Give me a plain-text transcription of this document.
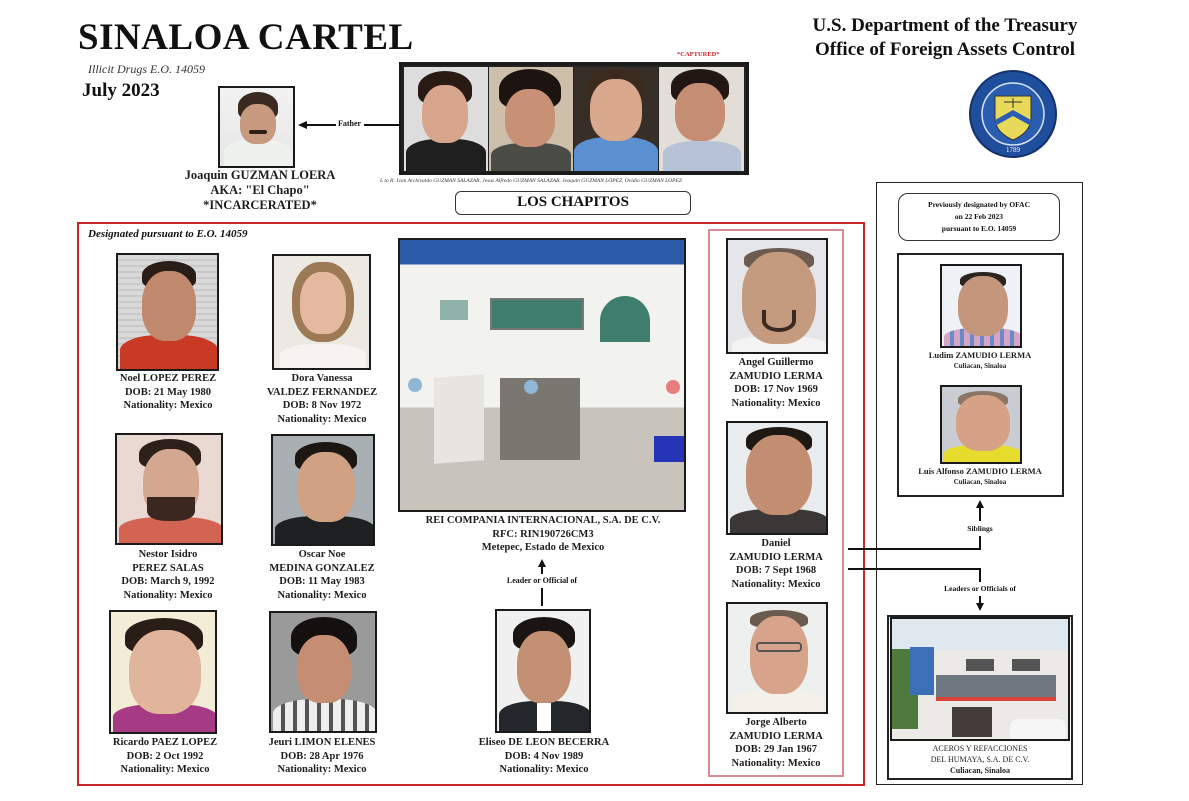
SINALOA CARTEL
Illicit Drugs E.O. 14059
July 2023
U.S. Department of the Treasury
Office of Foreign Assets Control
1789
Joaquin GUZMAN LOERA
AKA: "El Chapo"
*INCARCERATED*
Father
*CAPTURED*
L to R: Ivan Archivaldo GUZMAN SALAZAR, Jesus Alfredo GUZMAN SALAZAR, Joaquin GUZMAN LOPEZ, Ovidio GUZMAN LOPEZ
LOS CHAPITOS
Designated pursuant to E.O. 14059
Noel LOPEZ PEREZ
DOB: 21 May 1980
Nationality: Mexico
Dora Vanessa
VALDEZ FERNANDEZ
DOB: 8 Nov 1972
Nationality: Mexico
Nestor Isidro
PEREZ SALAS
DOB: March 9, 1992
Nationality: Mexico
Oscar Noe
MEDINA GONZALEZ
DOB: 11 May 1983
Nationality: Mexico
Ricardo PAEZ LOPEZ
DOB: 2 Oct 1992
Nationality: Mexico
Jeuri LIMON ELENES
DOB: 28 Apr 1976
Nationality: Mexico
REI COMPANIA INTERNACIONAL, S.A. DE C.V.
RFC: RIN190726CM3
Metepec, Estado de Mexico
Leader or Official of
Eliseo DE LEON BECERRA
DOB: 4 Nov 1989
Nationality: Mexico
Angel Guillermo
ZAMUDIO LERMA
DOB: 17 Nov 1969
Nationality: Mexico
Daniel
ZAMUDIO LERMA
DOB: 7 Sept 1968
Nationality: Mexico
Jorge Alberto
ZAMUDIO LERMA
DOB: 29 Jan 1967
Nationality: Mexico
Previously designated by OFAC
on 22 Feb 2023
pursuant to E.O. 14059
Ludim ZAMUDIO LERMA
Culiacan, Sinaloa
Luis Alfonso ZAMUDIO LERMA
Culiacan, Sinaloa
Siblings
Leaders or Officials of
ACEROS Y REFACCIONES
DEL HUMAYA, S.A. DE C.V.
Culiacan, Sinaloa
